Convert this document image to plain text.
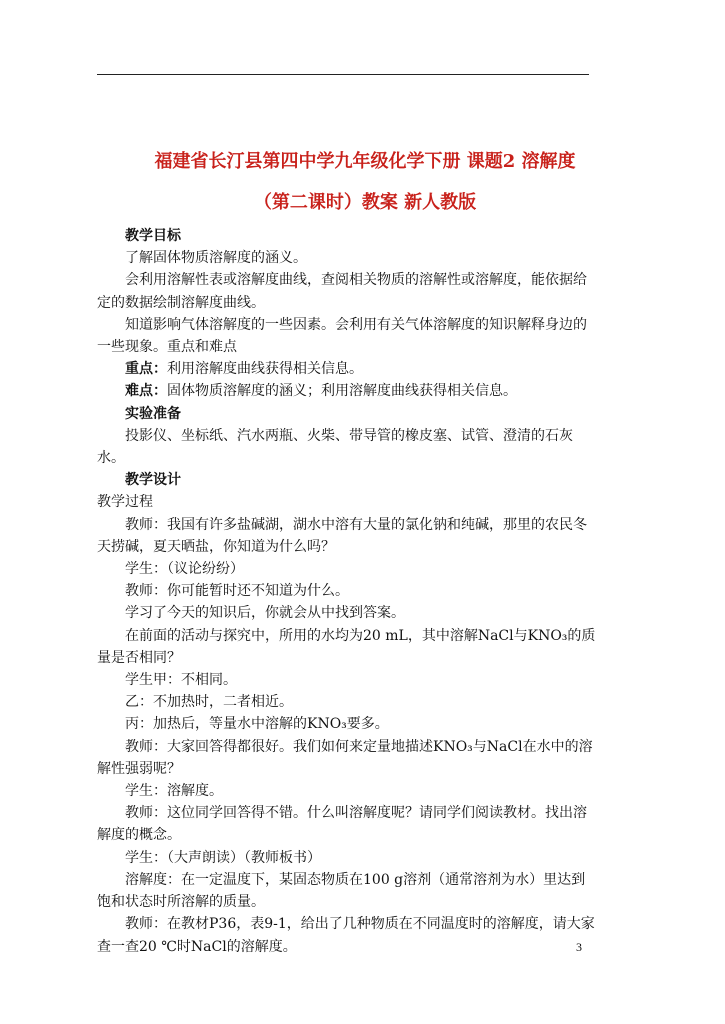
福建省长汀县第四中学九年级化学下册 课题2 溶解度
（第二课时）教案 新人教版

教学目标

了解固体物质溶解度的涵义。

会利用溶解性表或溶解度曲线，查阅相关物质的溶解性或溶解度，能依据给定的数据绘制溶解度曲线。

知道影响气体溶解度的一些因素。会利用有关气体溶解度的知识解释身边的一些现象。重点和难点

重点：利用溶解度曲线获得相关信息。

难点：固体物质溶解度的涵义；利用溶解度曲线获得相关信息。

实验准备

投影仪、坐标纸、汽水两瓶、火柴、带导管的橡皮塞、试管、澄清的石灰水。

教学设计

教学过程

教师：我国有许多盐碱湖，湖水中溶有大量的氯化钠和纯碱，那里的农民冬天捞碱，夏天晒盐，你知道为什么吗？

学生：（议论纷纷）

教师：你可能暂时还不知道为什么。

学习了今天的知识后，你就会从中找到答案。

在前面的活动与探究中，所用的水均为20 mL，其中溶解NaCl与KNO₃的质量是否相同？

学生甲：不相同。

乙：不加热时，二者相近。

丙：加热后，等量水中溶解的KNO₃要多。

教师：大家回答得都很好。我们如何来定量地描述KNO₃与NaCl在水中的溶解性强弱呢？

学生：溶解度。

教师：这位同学回答得不错。什么叫溶解度呢？请同学们阅读教材。找出溶解度的概念。

学生：（大声朗读）（教师板书）

溶解度：在一定温度下，某固态物质在100 g溶剂（通常溶剂为水）里达到饱和状态时所溶解的质量。

教师：在教材P36，表9-1，给出了几种物质在不同温度时的溶解度，请大家查一查20 ℃时NaCl的溶解度。	3
